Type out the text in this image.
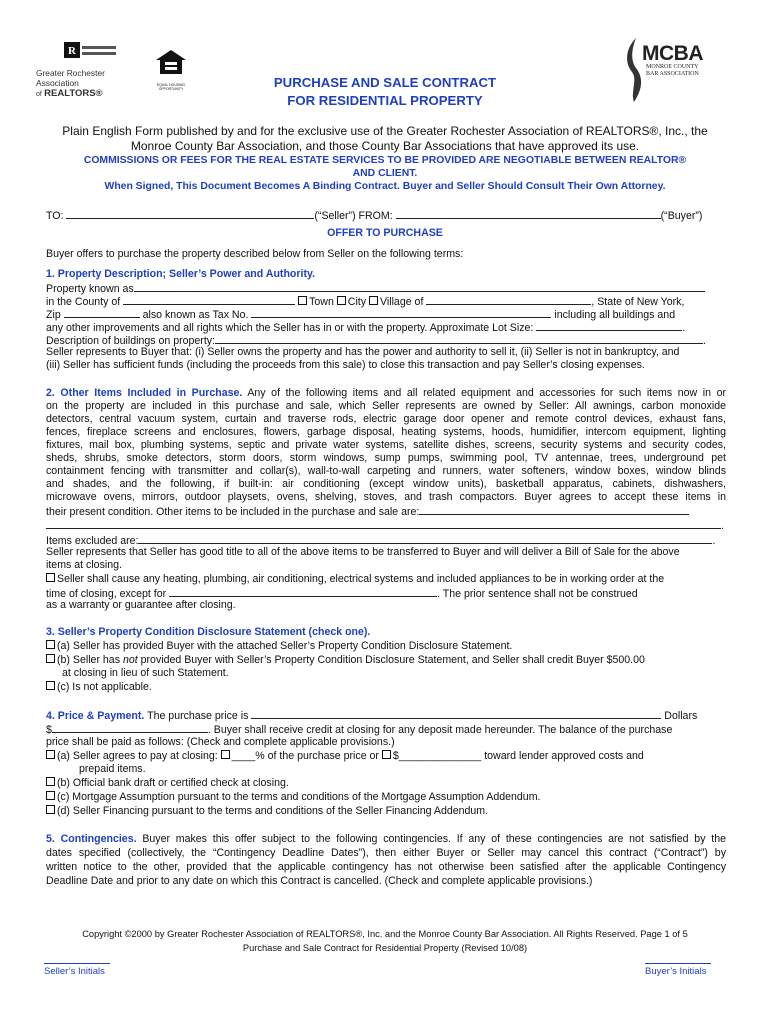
R
Greater Rochester Association
of REALTORS®
EQUAL HOUSING OPPORTUNITY
MCBA
MONROE COUNTY
BAR ASSOCIATION
PURCHASE AND SALE CONTRACT
FOR RESIDENTIAL PROPERTY
Plain English Form published by and for the exclusive use of the Greater Rochester Association of REALTORS®, Inc., the
Monroe County Bar Association, and those County Bar Associations that have approved its use.
COMMISSIONS OR FEES FOR THE REAL ESTATE SERVICES TO BE PROVIDED ARE NEGOTIABLE BETWEEN REALTOR®
AND CLIENT.
When Signed, This Document Becomes A Binding Contract. Buyer and Seller Should Consult Their Own Attorney.
TO:	(“Seller”) FROM:	(“Buyer”)
OFFER TO PURCHASE
Buyer offers to purchase the property described below from Seller on the following terms:
1. Property Description; Seller’s Power and Authority.
Property known as
in the County of	Town City Village of	, State of New York,
Zip	also known as Tax No.	including all buildings and
any other improvements and all rights which the Seller has in or with the property. Approximate Lot Size:	.
Description of buildings on property:	.
Seller represents to Buyer that: (i) Seller owns the property and has the power and authority to sell it, (ii) Seller is not in bankruptcy, and
(iii) Seller has sufficient funds (including the proceeds from this sale) to close this transaction and pay Seller’s closing expenses.
2. Other Items Included in Purchase. Any of the following items and all related equipment and accessories for such items now in or
on the property are included in this purchase and sale, which Seller represents are owned by Seller: All awnings, carbon monoxide
detectors, central vacuum system, curtain and traverse rods, electric garage door opener and remote control devices, exhaust fans,
fences, fireplace screens and enclosures, flowers, garbage disposal, heating systems, hoods, humidifier, intercom equipment, lighting
fixtures, mail box, plumbing systems, septic and private water systems, satellite dishes, screens, security systems and security codes,
sheds, shrubs, smoke detectors, storm doors, storm windows, sump pumps, swimming pool, TV antennae, trees, underground pet
containment fencing with transmitter and collar(s), wall-to-wall carpeting and runners, water softeners, window boxes, window blinds
and shades, and the following, if built-in: air conditioning (except window units), basketball apparatus, cabinets, dishwashers,
microwave ovens, mirrors, outdoor playsets, ovens, shelving, stoves, and trash compactors. Buyer agrees to accept these items in
their present condition. Other items to be included in the purchase and sale are:
.
Items excluded are:	.
Seller represents that Seller has good title to all of the above items to be transferred to Buyer and will deliver a Bill of Sale for the above
items at closing.
Seller shall cause any heating, plumbing, air conditioning, electrical systems and included appliances to be in working order at the
time of closing, except for	. The prior sentence shall not be construed
as a warranty or guarantee after closing.
3. Seller’s Property Condition Disclosure Statement (check one).
(a) Seller has provided Buyer with the attached Seller’s Property Condition Disclosure Statement.
(b) Seller has not provided Buyer with Seller’s Property Condition Disclosure Statement, and Seller shall credit Buyer $500.00
at closing in lieu of such Statement.
(c) Is not applicable.
4. Price & Payment. The purchase price is	Dollars
$	. Buyer shall receive credit at closing for any deposit made hereunder. The balance of the purchase
price shall be paid as follows: (Check and complete applicable provisions.)
(a) Seller agrees to pay at closing: ____% of the purchase price or $______________ toward lender approved costs and
prepaid items.
(b) Official bank draft or certified check at closing.
(c) Mortgage Assumption pursuant to the terms and conditions of the Mortgage Assumption Addendum.
(d) Seller Financing pursuant to the terms and conditions of the Seller Financing Addendum.
5. Contingencies. Buyer makes this offer subject to the following contingencies. If any of these contingencies are not satisfied by the
dates specified (collectively, the “Contingency Deadline Dates”), then either Buyer or Seller may cancel this contract (“Contract”) by
written notice to the other, provided that the applicable contingency has not otherwise been satisfied after the applicable Contingency
Deadline Date and prior to any date on which this Contract is cancelled. (Check and complete applicable provisions.)
Copyright ©2000 by Greater Rochester Association of REALTORS®, Inc. and the Monroe County Bar Association. All Rights Reserved. Page 1 of 5
Purchase and Sale Contract for Residential Property (Revised 10/08)
Seller’s Initials	Buyer’s Initials
